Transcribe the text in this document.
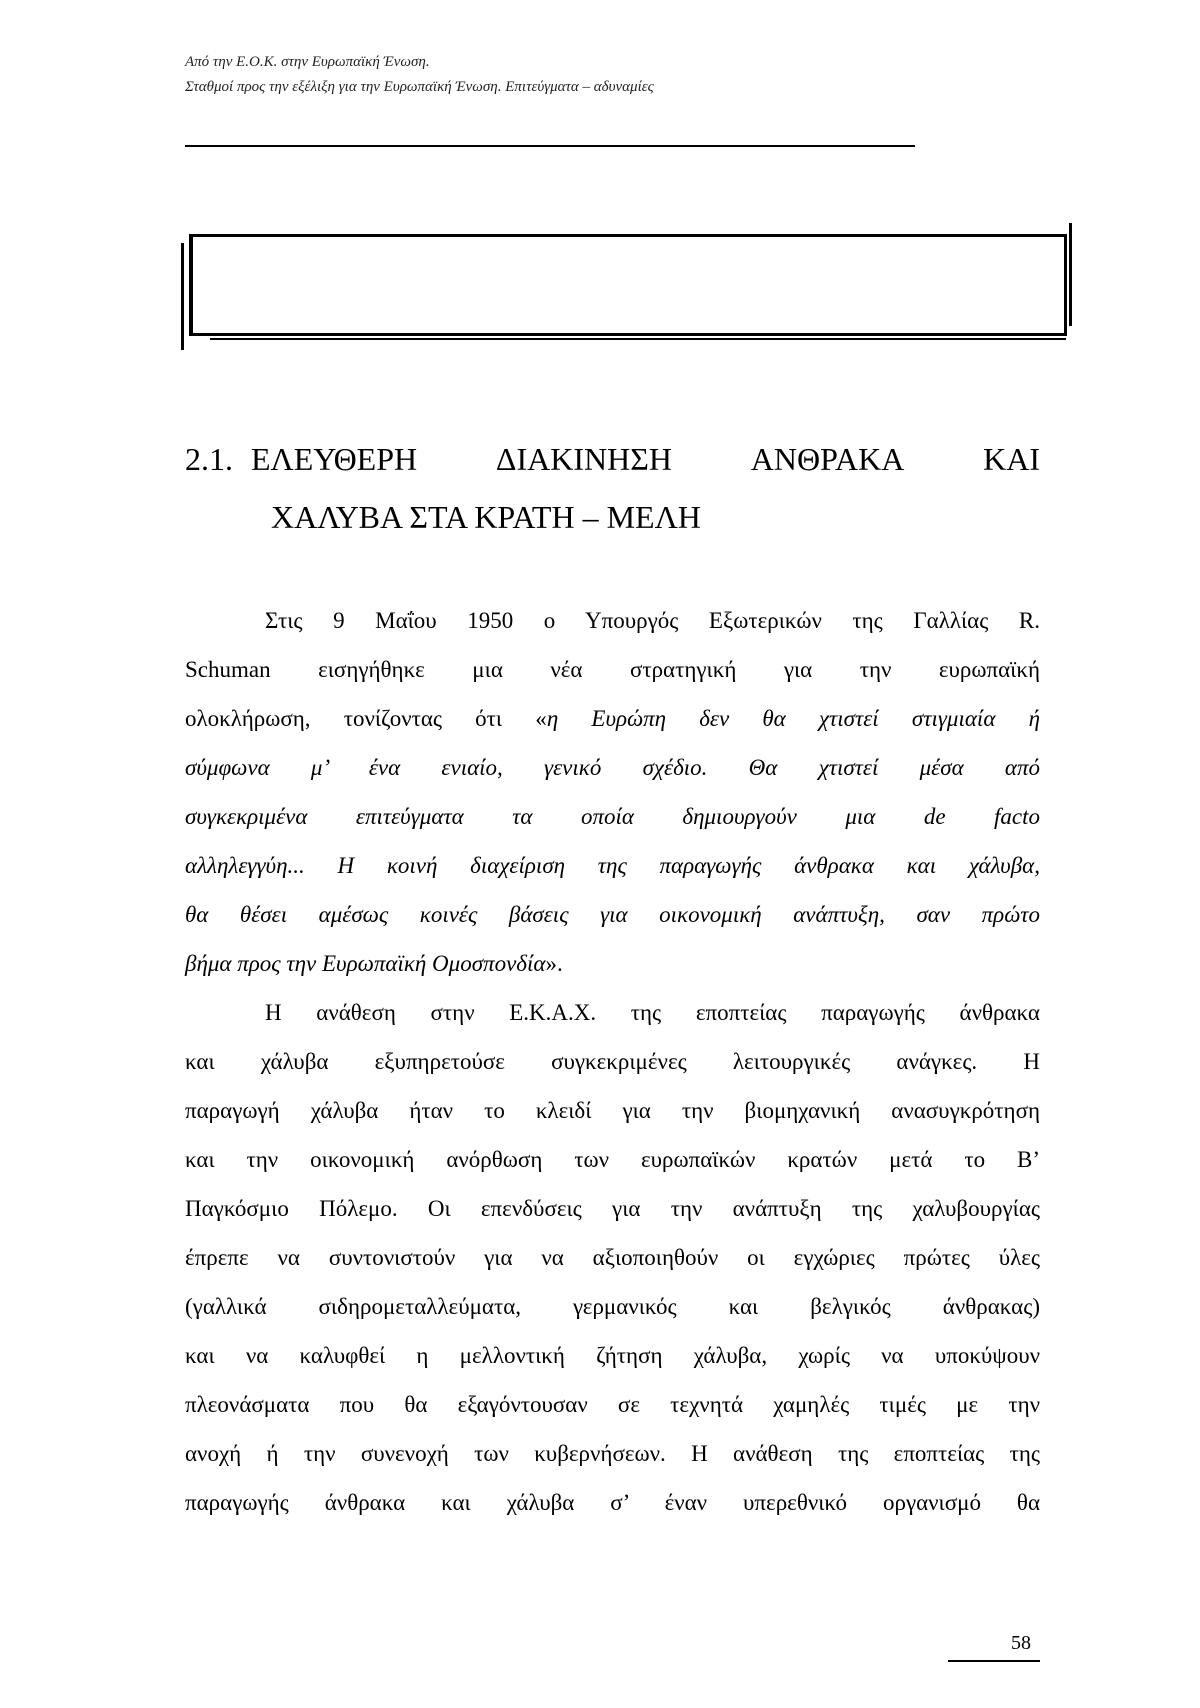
Από την Ε.Ο.Κ. στην Ευρωπαϊκή Ένωση.
Σταθμοί προς την εξέλιξη για την Ευρωπαϊκή Ένωση. Επιτεύγματα – αδυναμίες
2.1. ΕΛΕΥΘΕΡΗ ΔΙΑΚΙΝΗΣΗ ΑΝΘΡΑΚΑ ΚΑΙ
ΧΑΛΥΒΑ ΣΤΑ ΚΡΑΤΗ – ΜΕΛΗ
Στις 9 Μαΐου 1950 ο Υπουργός Εξωτερικών της Γαλλίας R.
Schuman εισηγήθηκε μια νέα στρατηγική για την ευρωπαϊκή
ολοκλήρωση, τονίζοντας ότι «η Ευρώπη δεν θα χτιστεί στιγμιαία ή
σύμφωνα μ’ ένα ενιαίο, γενικό σχέδιο. Θα χτιστεί μέσα από
συγκεκριμένα επιτεύγματα τα οποία δημιουργούν μια de facto
αλληλεγγύη... Η κοινή διαχείριση της παραγωγής άνθρακα και χάλυβα,
θα θέσει αμέσως κοινές βάσεις για οικονομική ανάπτυξη, σαν πρώτο
βήμα προς την Ευρωπαϊκή Ομοσπονδία».
Η ανάθεση στην Ε.Κ.Α.Χ. της εποπτείας παραγωγής άνθρακα
και χάλυβα εξυπηρετούσε συγκεκριμένες λειτουργικές ανάγκες. Η
παραγωγή χάλυβα ήταν το κλειδί για την βιομηχανική ανασυγκρότηση
και την οικονομική ανόρθωση των ευρωπαϊκών κρατών μετά το Β’
Παγκόσμιο Πόλεμο. Οι επενδύσεις για την ανάπτυξη της χαλυβουργίας
έπρεπε να συντονιστούν για να αξιοποιηθούν οι εγχώριες πρώτες ύλες
(γαλλικά σιδηρομεταλλεύματα, γερμανικός και βελγικός άνθρακας)
και να καλυφθεί η μελλοντική ζήτηση χάλυβα, χωρίς να υποκύψουν
πλεονάσματα που θα εξαγόντουσαν σε τεχνητά χαμηλές τιμές με την
ανοχή ή την συνενοχή των κυβερνήσεων. Η ανάθεση της εποπτείας της
παραγωγής άνθρακα και χάλυβα σ’ έναν υπερεθνικό οργανισμό θα
58
